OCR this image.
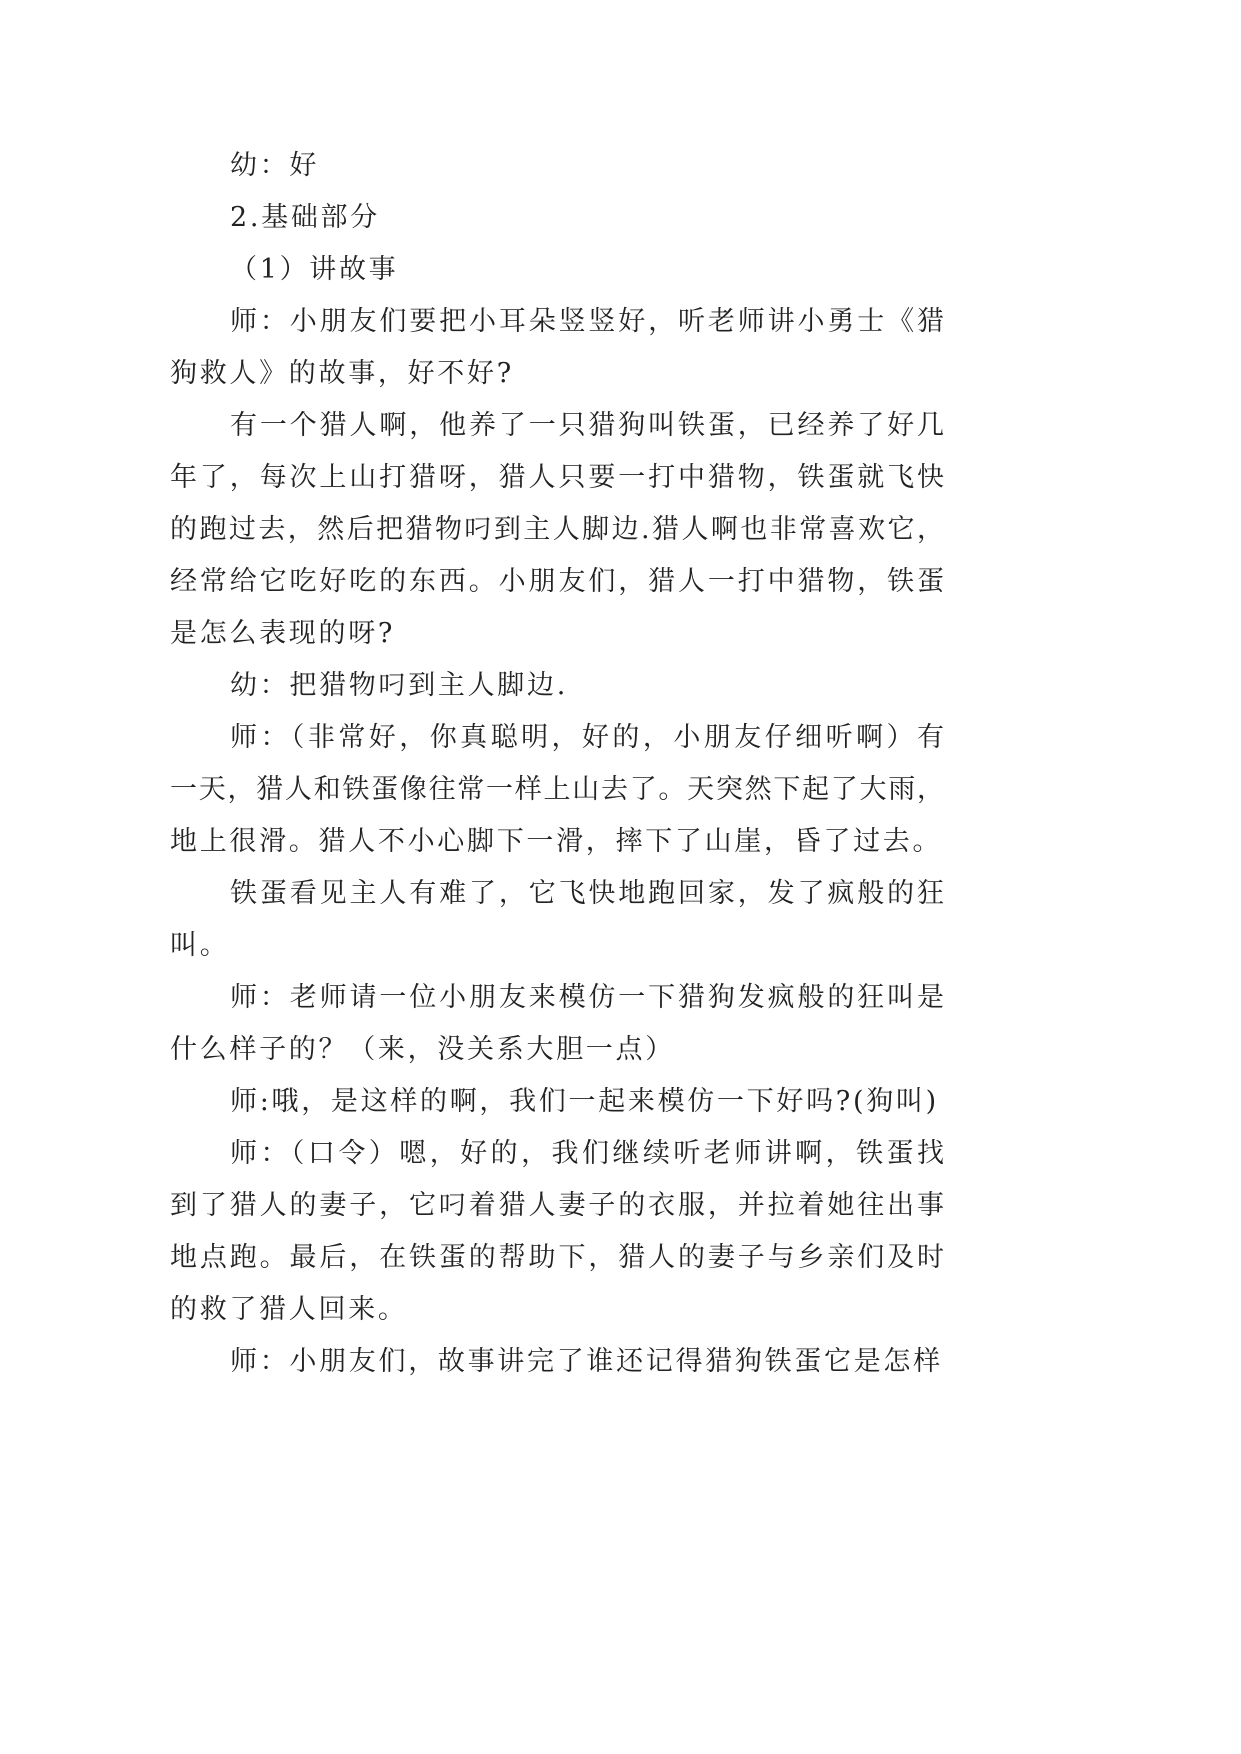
幼：好
2.基础部分
（1）讲故事
师：小朋友们要把小耳朵竖竖好，听老师讲小勇士《猎
狗救人》的故事，好不好?
有一个猎人啊，他养了一只猎狗叫铁蛋，已经养了好几
年了，每次上山打猎呀，猎人只要一打中猎物，铁蛋就飞快
的跑过去，然后把猎物叼到主人脚边.猎人啊也非常喜欢它，
经常给它吃好吃的东西。小朋友们，猎人一打中猎物，铁蛋
是怎么表现的呀?
幼：把猎物叼到主人脚边.
师：（非常好，你真聪明，好的，小朋友仔细听啊）有
一天，猎人和铁蛋像往常一样上山去了。天突然下起了大雨，
地上很滑。猎人不小心脚下一滑，摔下了山崖，昏了过去。
铁蛋看见主人有难了，它飞快地跑回家，发了疯般的狂
叫。
师：老师请一位小朋友来模仿一下猎狗发疯般的狂叫是
什么样子的？（来，没关系大胆一点）
师:哦，是这样的啊，我们一起来模仿一下好吗?(狗叫)
师：（口令）嗯，好的，我们继续听老师讲啊，铁蛋找
到了猎人的妻子，它叼着猎人妻子的衣服，并拉着她往出事
地点跑。最后，在铁蛋的帮助下，猎人的妻子与乡亲们及时
的救了猎人回来。
师：小朋友们，故事讲完了谁还记得猎狗铁蛋它是怎样
